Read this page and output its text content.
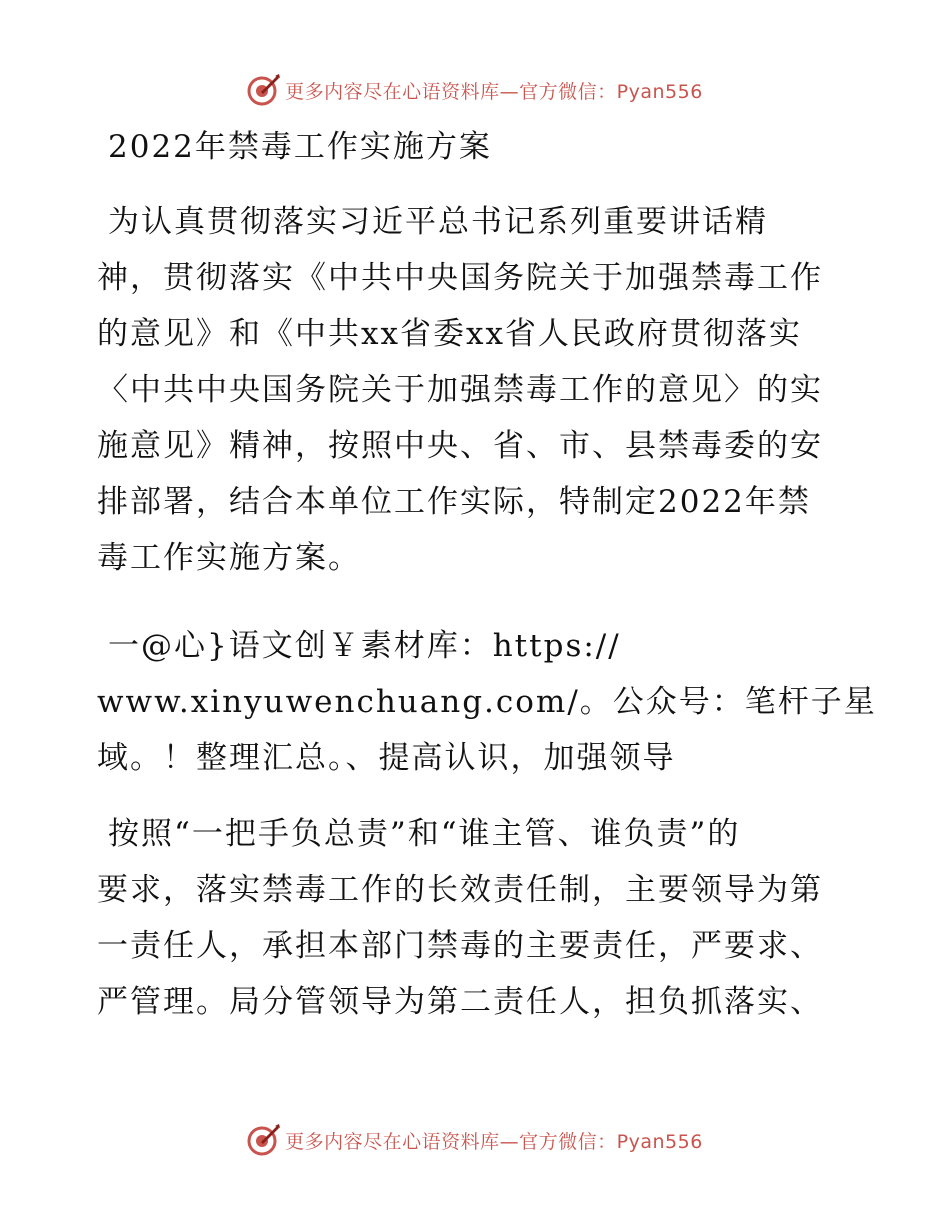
更多内容尽在心语资料库—官方微信：Pyan556
2022年禁毒工作实施方案

为认真贯彻落实习近平总书记系列重要讲话精
神，贯彻落实《中共中央国务院关于加强禁毒工作
的意见》和《中共xx省委xx省人民政府贯彻落实
〈中共中央国务院关于加强禁毒工作的意见〉的实
施意见》精神，按照中央、省、市、县禁毒委的安
排部署，结合本单位工作实际，特制定2022年禁
毒工作实施方案。

一@心}语文创￥素材库：https://
www.xinyuwenchuang.com/。公众号：笔杆子星
域。！整理汇总。、提高认识，加强领导

按照“一把手负总责”和“谁主管、谁负责”的
要求，落实禁毒工作的长效责任制，主要领导为第
一责任人，承担本部门禁毒的主要责任，严要求、
严管理。局分管领导为第二责任人，担负抓落实、

更多内容尽在心语资料库—官方微信：Pyan556
